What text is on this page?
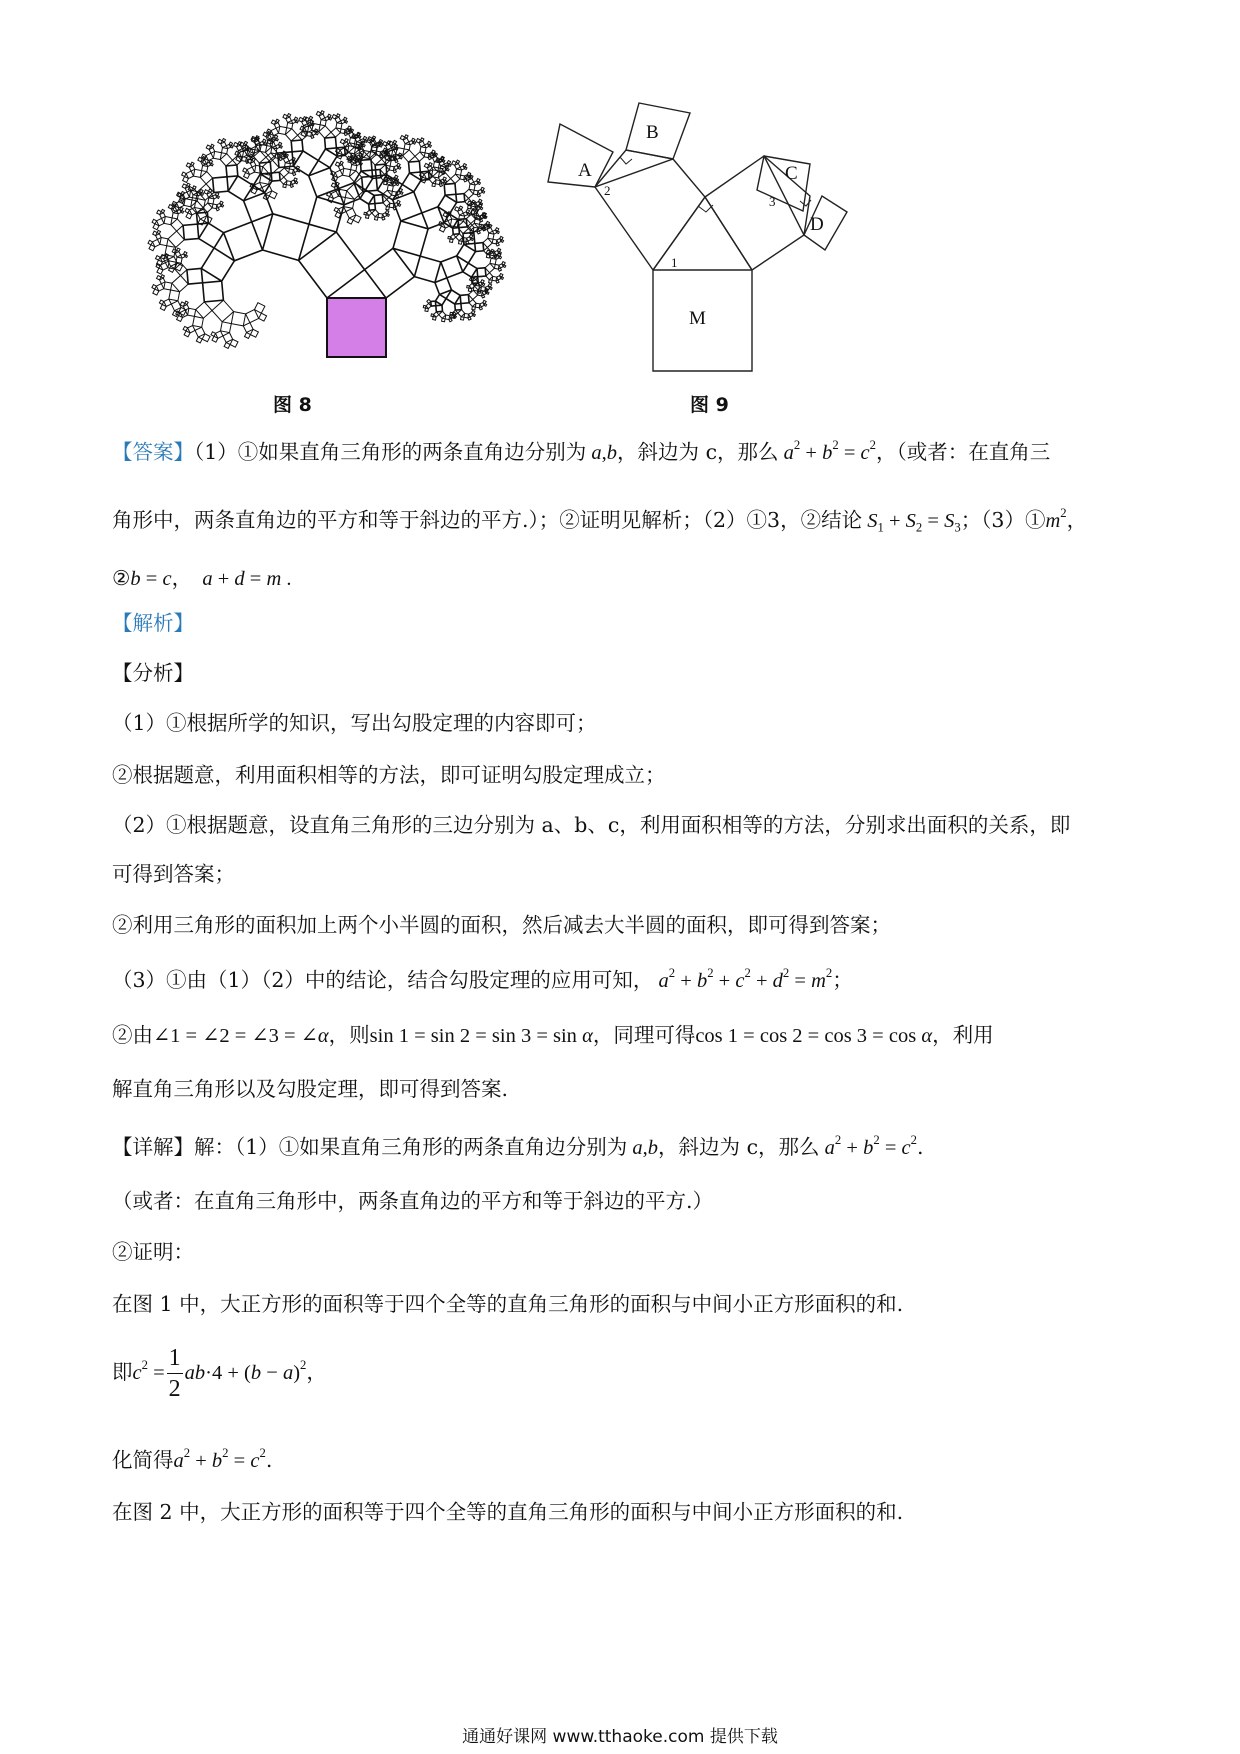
A
B
C
D
M
1
2
3
图 8	图 9
【答案】（1）①如果直角三角形的两条直角边分别为 a,b，斜边为 c，那么 $a^2 + b^2 = c^2$，（或者：在直角三
角形中，两条直角边的平方和等于斜边的平方.）；②证明见解析；（2）①3，②结论 $S_1 + S_2 = S_3$；$(3)①m^2$，
②b = c，  a + d = m .
【解析】
【分析】
（1）①根据所学的知识，写出勾股定理的内容即可；
②根据题意，利用面积相等的方法，即可证明勾股定理成立；
（2）①根据题意，设直角三角形的三边分别为 a、b、c，利用面积相等的方法，分别求出面积的关系，即
可得到答案；
②利用三角形的面积加上两个小半圆的面积，然后减去大半圆的面积，即可得到答案；
（3）①由（1）（2）中的结论，结合勾股定理的应用可知， $a^2 + b^2 + c^2 + d^2 = m^2$；
②由∠1 = ∠2 = ∠3 = ∠α，则sin 1 = sin 2 = sin 3 = sin α，同理可得cos 1 = cos 2 = cos 3 = cos α，利用
解直角三角形以及勾股定理，即可得到答案.
【详解】解：（1）①如果直角三角形的两条直角边分别为 a,b，斜边为 c，那么 $a^2 + b^2 = c^2$.
（或者：在直角三角形中，两条直角边的平方和等于斜边的平方.）
②证明：
在图 1 中，大正方形的面积等于四个全等的直角三角形的面积与中间小正方形面积的和.
即$c^2 = \frac{1}{2} ab\cdot 4 + (b - a)^2$，
化简得$a^2 + b^2 = c^2$.
在图 2 中，大正方形的面积等于四个全等的直角三角形的面积与中间小正方形面积的和.
通通好课网 www.tthaoke.com 提供下载
